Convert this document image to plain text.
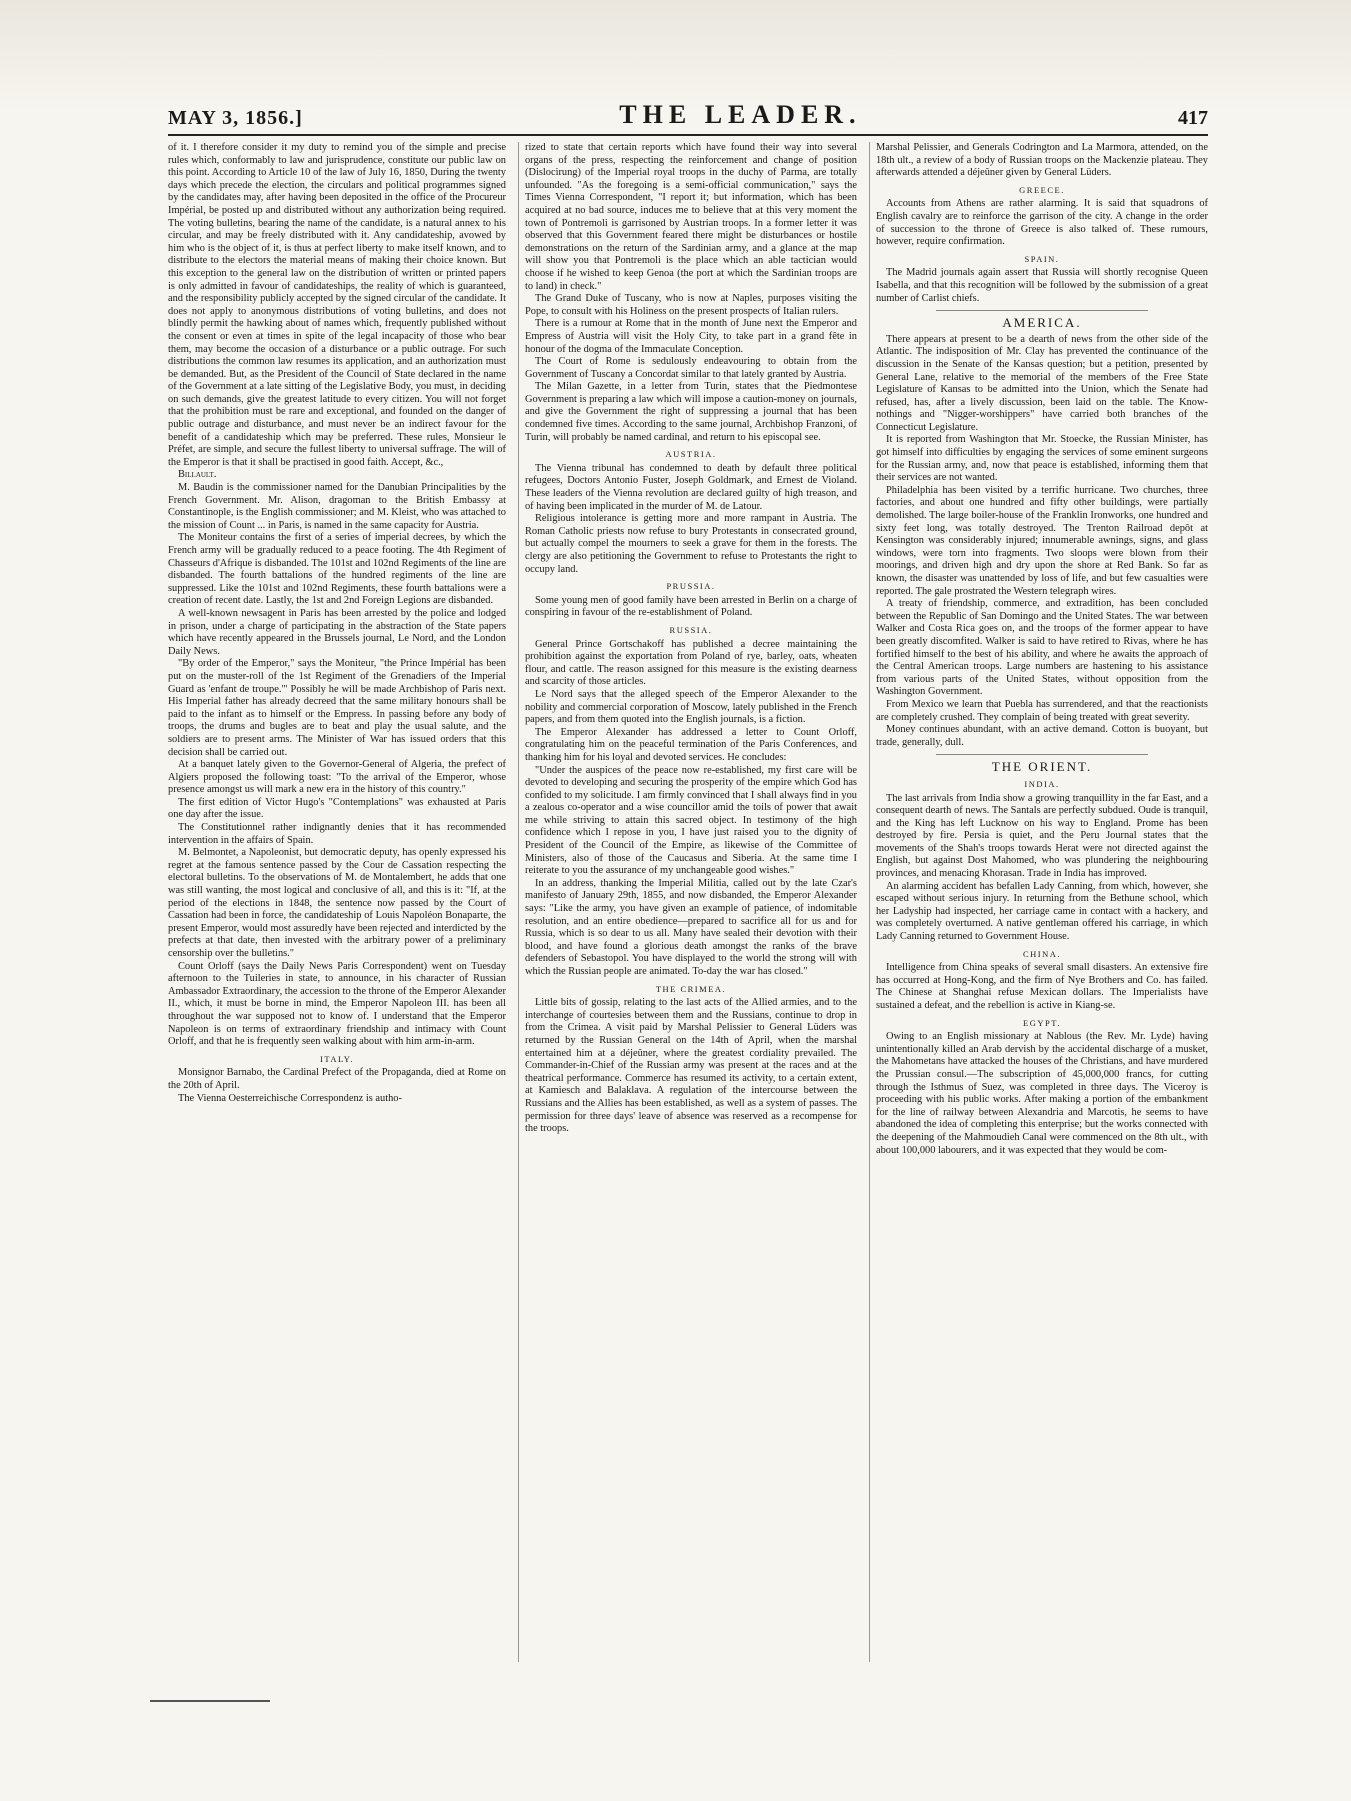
MAY 3, 1856.]	THE LEADER.	417

of it. I therefore consider it my duty to remind you of the simple and precise rules which, conformably to law and jurisprudence, constitute our public law on this point. According to Article 10 of the law of July 16, 1850, During the twenty days which precede the election, the circulars and political programmes signed by the candidates may, after having been deposited in the office of the Procureur Impérial, be posted up and distributed without any authorization being required. The voting bulletins, bearing the name of the candidate, is a natural annex to his circular, and may be freely distributed with it. Any candidateship, avowed by him who is the object of it, is thus at perfect liberty to make itself known, and to distribute to the electors the material means of making their choice known. But this exception to the general law on the distribution of written or printed papers is only admitted in favour of candidateships, the reality of which is guaranteed, and the responsibility publicly accepted by the signed circular of the candidate. It does not apply to anonymous distributions of voting bulletins, and does not blindly permit the hawking about of names which, frequently published without the consent or even at times in spite of the legal incapacity of those who bear them, may become the occasion of a disturbance or a public outrage. For such distributions the common law resumes its application, and an authorization must be demanded. But, as the President of the Council of State declared in the name of the Government at a late sitting of the Legislative Body, you must, in deciding on such demands, give the greatest latitude to every citizen. You will not forget that the prohibition must be rare and exceptional, and founded on the danger of public outrage and disturbance, and must never be an indirect favour for the benefit of a candidateship which may be preferred. These rules, Monsieur le Préfet, are simple, and secure the fullest liberty to universal suffrage. The will of the Emperor is that it shall be practised in good faith. Accept, &c.,

Billault.

M. Baudin is the commissioner named for the Danubian Principalities by the French Government. Mr. Alison, dragoman to the British Embassy at Constantinople, is the English commissioner; and M. Kleist, who was attached to the mission of Count ... in Paris, is named in the same capacity for Austria.

The Moniteur contains the first of a series of imperial decrees, by which the French army will be gradually reduced to a peace footing. The 4th Regiment of Chasseurs d'Afrique is disbanded. The 101st and 102nd Regiments of the line are disbanded. The fourth battalions of the hundred regiments of the line are suppressed. Like the 101st and 102nd Regiments, these fourth battalions were a creation of recent date. Lastly, the 1st and 2nd Foreign Legions are disbanded.

A well-known newsagent in Paris has been arrested by the police and lodged in prison, under a charge of participating in the abstraction of the State papers which have recently appeared in the Brussels journal, Le Nord, and the London Daily News.

"By order of the Emperor," says the Moniteur, "the Prince Impérial has been put on the muster-roll of the 1st Regiment of the Grenadiers of the Imperial Guard as 'enfant de troupe.'" Possibly he will be made Archbishop of Paris next. His Imperial father has already decreed that the same military honours shall be paid to the infant as to himself or the Empress. In passing before any body of troops, the drums and bugles are to beat and play the usual salute, and the soldiers are to present arms. The Minister of War has issued orders that this decision shall be carried out.

At a banquet lately given to the Governor-General of Algeria, the prefect of Algiers proposed the following toast: "To the arrival of the Emperor, whose presence amongst us will mark a new era in the history of this country."

The first edition of Victor Hugo's "Contemplations" was exhausted at Paris one day after the issue.

The Constitutionnel rather indignantly denies that it has recommended intervention in the affairs of Spain.

M. Belmontet, a Napoleonist, but democratic deputy, has openly expressed his regret at the famous sentence passed by the Cour de Cassation respecting the electoral bulletins. To the observations of M. de Montalembert, he adds that one was still wanting, the most logical and conclusive of all, and this is it: "If, at the period of the elections in 1848, the sentence now passed by the Court of Cassation had been in force, the candidateship of Louis Napoléon Bonaparte, the present Emperor, would most assuredly have been rejected and interdicted by the prefects at that date, then invested with the arbitrary power of a preliminary censorship over the bulletins."

Count Orloff (says the Daily News Paris Correspondent) went on Tuesday afternoon to the Tuileries in state, to announce, in his character of Russian Ambassador Extraordinary, the accession to the throne of the Emperor Alexander II., which, it must be borne in mind, the Emperor Napoleon III. has been all throughout the war supposed not to know of. I understand that the Emperor Napoleon is on terms of extraordinary friendship and intimacy with Count Orloff, and that he is frequently seen walking about with him arm-in-arm.

ITALY.

Monsignor Barnabo, the Cardinal Prefect of the Propaganda, died at Rome on the 20th of April.

The Vienna Oesterreichische Correspondenz is autho-

rized to state that certain reports which have found their way into several organs of the press, respecting the reinforcement and change of position (Dislocirung) of the Imperial royal troops in the duchy of Parma, are totally unfounded. "As the foregoing is a semi-official communication," says the Times Vienna Correspondent, "I report it; but information, which has been acquired at no bad source, induces me to believe that at this very moment the town of Pontremoli is garrisoned by Austrian troops. In a former letter it was observed that this Government feared there might be disturbances or hostile demonstrations on the return of the Sardinian army, and a glance at the map will show you that Pontremoli is the place which an able tactician would choose if he wished to keep Genoa (the port at which the Sardinian troops are to land) in check."

The Grand Duke of Tuscany, who is now at Naples, purposes visiting the Pope, to consult with his Holiness on the present prospects of Italian rulers.

There is a rumour at Rome that in the month of June next the Emperor and Empress of Austria will visit the Holy City, to take part in a grand fête in honour of the dogma of the Immaculate Conception.

The Court of Rome is sedulously endeavouring to obtain from the Government of Tuscany a Concordat similar to that lately granted by Austria.

The Milan Gazette, in a letter from Turin, states that the Piedmontese Government is preparing a law which will impose a caution-money on journals, and give the Government the right of suppressing a journal that has been condemned five times. According to the same journal, Archbishop Franzoni, of Turin, will probably be named cardinal, and return to his episcopal see.

AUSTRIA.

The Vienna tribunal has condemned to death by default three political refugees, Doctors Antonio Fuster, Joseph Goldmark, and Ernest de Violand. These leaders of the Vienna revolution are declared guilty of high treason, and of having been implicated in the murder of M. de Latour.

Religious intolerance is getting more and more rampant in Austria. The Roman Catholic priests now refuse to bury Protestants in consecrated ground, but actually compel the mourners to seek a grave for them in the forests. The clergy are also petitioning the Government to refuse to Protestants the right to occupy land.

PRUSSIA.

Some young men of good family have been arrested in Berlin on a charge of conspiring in favour of the re-establishment of Poland.

RUSSIA.

General Prince Gortschakoff has published a decree maintaining the prohibition against the exportation from Poland of rye, barley, oats, wheaten flour, and cattle. The reason assigned for this measure is the existing dearness and scarcity of those articles.

Le Nord says that the alleged speech of the Emperor Alexander to the nobility and commercial corporation of Moscow, lately published in the French papers, and from them quoted into the English journals, is a fiction.

The Emperor Alexander has addressed a letter to Count Orloff, congratulating him on the peaceful termination of the Paris Conferences, and thanking him for his loyal and devoted services. He concludes:

"Under the auspices of the peace now re-established, my first care will be devoted to developing and securing the prosperity of the empire which God has confided to my solicitude. I am firmly convinced that I shall always find in you a zealous co-operator and a wise councillor amid the toils of power that await me while striving to attain this sacred object. In testimony of the high confidence which I repose in you, I have just raised you to the dignity of President of the Council of the Empire, as likewise of the Committee of Ministers, also of those of the Caucasus and Siberia. At the same time I reiterate to you the assurance of my unchangeable good wishes."

In an address, thanking the Imperial Militia, called out by the late Czar's manifesto of January 29th, 1855, and now disbanded, the Emperor Alexander says: "Like the army, you have given an example of patience, of indomitable resolution, and an entire obedience—prepared to sacrifice all for us and for Russia, which is so dear to us all. Many have sealed their devotion with their blood, and have found a glorious death amongst the ranks of the brave defenders of Sebastopol. You have displayed to the world the strong will with which the Russian people are animated. To-day the war has closed."

THE CRIMEA.

Little bits of gossip, relating to the last acts of the Allied armies, and to the interchange of courtesies between them and the Russians, continue to drop in from the Crimea. A visit paid by Marshal Pelissier to General Lüders was returned by the Russian General on the 14th of April, when the marshal entertained him at a déjeûner, where the greatest cordiality prevailed. The Commander-in-Chief of the Russian army was present at the races and at the theatrical performance. Commerce has resumed its activity, to a certain extent, at Kamiesch and Balaklava. A regulation of the intercourse between the Russians and the Allies has been established, as well as a system of passes. The permission for three days' leave of absence was reserved as a recompense for the troops.

Marshal Pelissier, and Generals Codrington and La Marmora, attended, on the 18th ult., a review of a body of Russian troops on the Mackenzie plateau. They afterwards attended a déjeûner given by General Lüders.

GREECE.

Accounts from Athens are rather alarming. It is said that squadrons of English cavalry are to reinforce the garrison of the city. A change in the order of succession to the throne of Greece is also talked of. These rumours, however, require confirmation.

SPAIN.

The Madrid journals again assert that Russia will shortly recognise Queen Isabella, and that this recognition will be followed by the submission of a great number of Carlist chiefs.

AMERICA.

There appears at present to be a dearth of news from the other side of the Atlantic. The indisposition of Mr. Clay has prevented the continuance of the discussion in the Senate of the Kansas question; but a petition, presented by General Lane, relative to the memorial of the members of the Free State Legislature of Kansas to be admitted into the Union, which the Senate had refused, has, after a lively discussion, been laid on the table. The Know-nothings and "Nigger-worshippers" have carried both branches of the Connecticut Legislature.

It is reported from Washington that Mr. Stoecke, the Russian Minister, has got himself into difficulties by engaging the services of some eminent surgeons for the Russian army, and, now that peace is established, informing them that their services are not wanted.

Philadelphia has been visited by a terrific hurricane. Two churches, three factories, and about one hundred and fifty other buildings, were partially demolished. The large boiler-house of the Franklin Ironworks, one hundred and sixty feet long, was totally destroyed. The Trenton Railroad depôt at Kensington was considerably injured; innumerable awnings, signs, and glass windows, were torn into fragments. Two sloops were blown from their moorings, and driven high and dry upon the shore at Red Bank. So far as known, the disaster was unattended by loss of life, and but few casualties were reported. The gale prostrated the Western telegraph wires.

A treaty of friendship, commerce, and extradition, has been concluded between the Republic of San Domingo and the United States. The war between Walker and Costa Rica goes on, and the troops of the former appear to have been greatly discomfited. Walker is said to have retired to Rivas, where he has fortified himself to the best of his ability, and where he awaits the approach of the Central American troops. Large numbers are hastening to his assistance from various parts of the United States, without opposition from the Washington Government.

From Mexico we learn that Puebla has surrendered, and that the reactionists are completely crushed. They complain of being treated with great severity.

Money continues abundant, with an active demand. Cotton is buoyant, but trade, generally, dull.

THE ORIENT.
INDIA.

The last arrivals from India show a growing tranquillity in the far East, and a consequent dearth of news. The Santals are perfectly subdued. Oude is tranquil, and the King has left Lucknow on his way to England. Prome has been destroyed by fire. Persia is quiet, and the Peru Journal states that the movements of the Shah's troops towards Herat were not directed against the English, but against Dost Mahomed, who was plundering the neighbouring provinces, and menacing Khorasan. Trade in India has improved.

An alarming accident has befallen Lady Canning, from which, however, she escaped without serious injury. In returning from the Bethune school, which her Ladyship had inspected, her carriage came in contact with a hackery, and was completely overturned. A native gentleman offered his carriage, in which Lady Canning returned to Government House.

CHINA.

Intelligence from China speaks of several small disasters. An extensive fire has occurred at Hong-Kong, and the firm of Nye Brothers and Co. has failed. The Chinese at Shanghai refuse Mexican dollars. The Imperialists have sustained a defeat, and the rebellion is active in Kiang-se.

EGYPT.

Owing to an English missionary at Nablous (the Rev. Mr. Lyde) having unintentionally killed an Arab dervish by the accidental discharge of a musket, the Mahometans have attacked the houses of the Christians, and have murdered the Prussian consul.—The subscription of 45,000,000 francs, for cutting through the Isthmus of Suez, was completed in three days. The Viceroy is proceeding with his public works. After making a portion of the embankment for the line of railway between Alexandria and Marcotis, he seems to have abandoned the idea of completing this enterprise; but the works connected with the deepening of the Mahmoudieh Canal were commenced on the 8th ult., with about 100,000 labourers, and it was expected that they would be com-
